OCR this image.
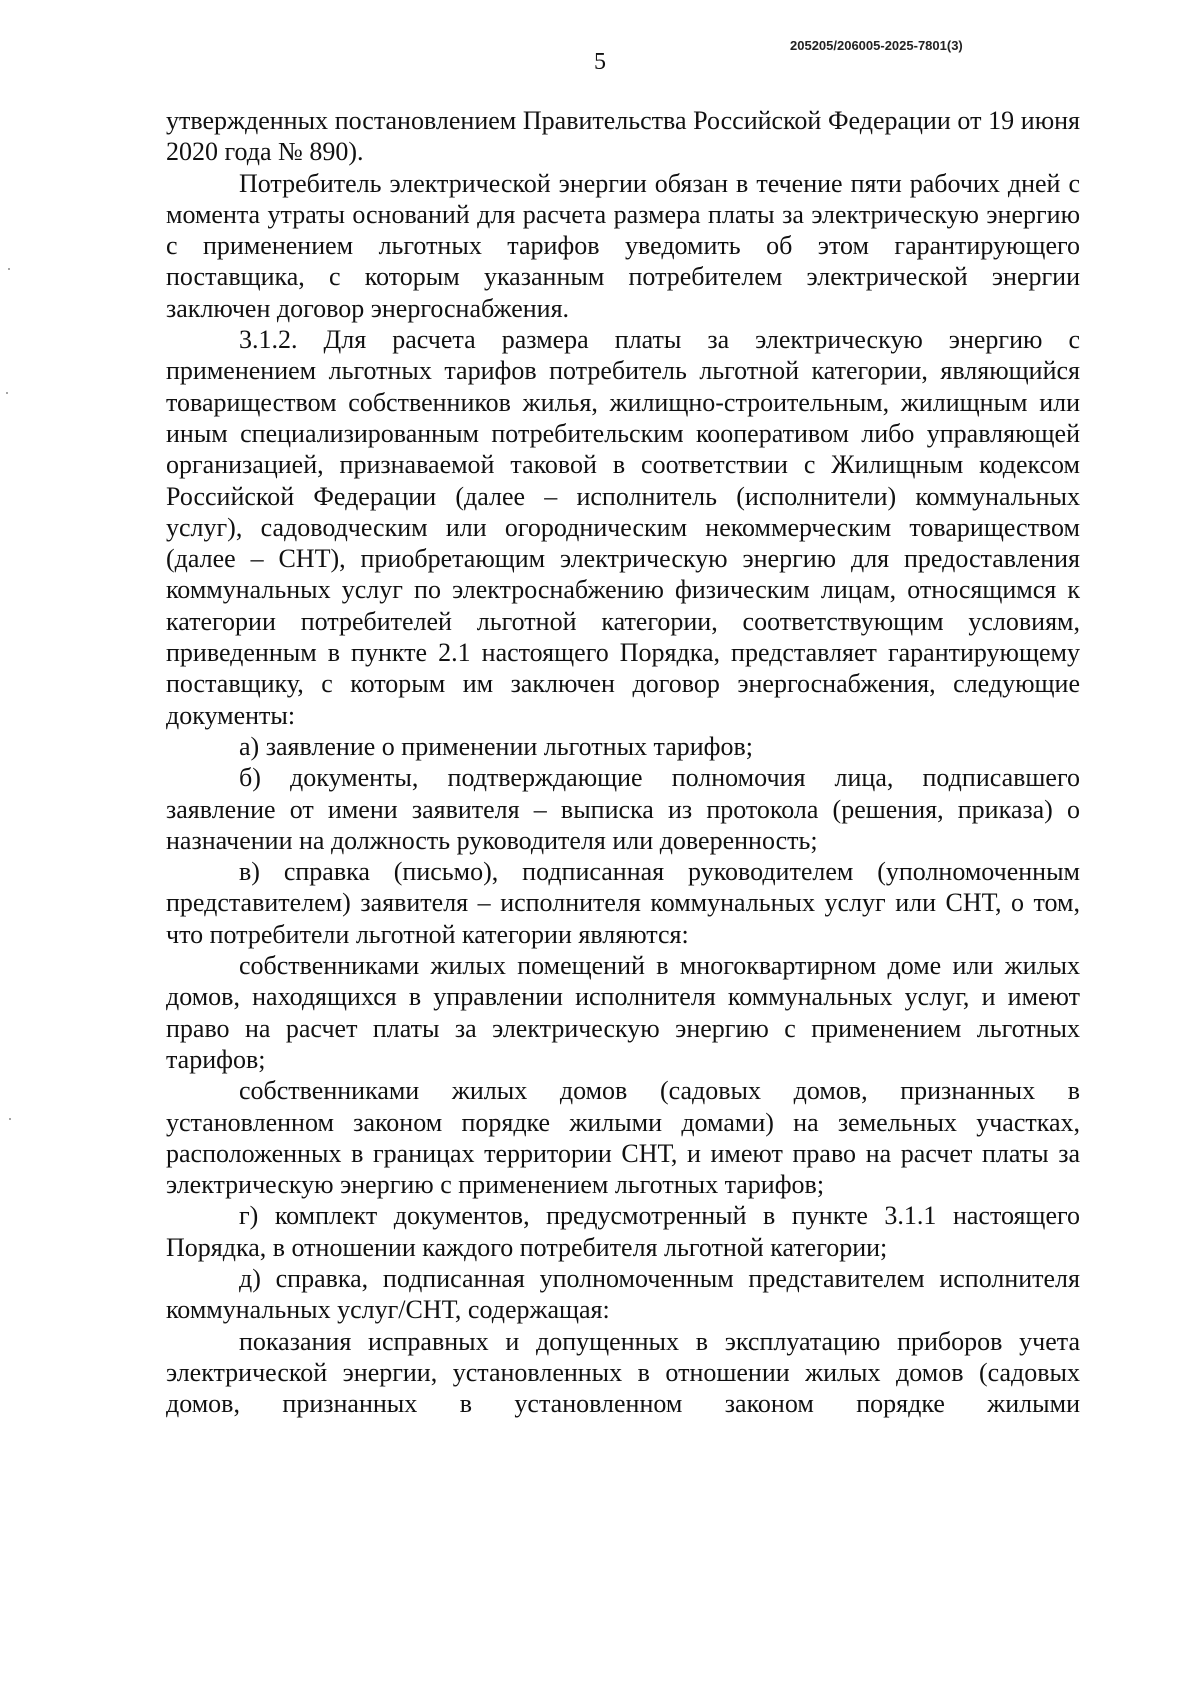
5
205205/206005-2025-7801(3)

утвержденных постановлением Правительства Российской Федерации от 19 июня 2020 года № 890).

Потребитель электрической энергии обязан в течение пяти рабочих дней с момента утраты оснований для расчета размера платы за электрическую энергию с применением льготных тарифов уведомить об этом гарантирующего поставщика, с которым указанным потребителем электрической энергии заключен договор энергоснабжения.

3.1.2. Для расчета размера платы за электрическую энергию с применением льготных тарифов потребитель льготной категории, являющийся товариществом собственников жилья, жилищно-строительным, жилищным или иным специализированным потребительским кооперативом либо управляющей организацией, признаваемой таковой в соответствии с Жилищным кодексом Российской Федерации (далее – исполнитель (исполнители) коммунальных услуг), садоводческим или огородническим некоммерческим товариществом (далее – СНТ), приобретающим электрическую энергию для предоставления коммунальных услуг по электроснабжению физическим лицам, относящимся к категории потребителей льготной категории, соответствующим условиям, приведенным в пункте 2.1 настоящего Порядка, представляет гарантирующему поставщику, с которым им заключен договор энергоснабжения, следующие документы:

а) заявление о применении льготных тарифов;

б) документы, подтверждающие полномочия лица, подписавшего заявление от имени заявителя – выписка из протокола (решения, приказа) о назначении на должность руководителя или доверенность;

в) справка (письмо), подписанная руководителем (уполномоченным представителем) заявителя – исполнителя коммунальных услуг или СНТ, о том, что потребители льготной категории являются:

собственниками жилых помещений в многоквартирном доме или жилых домов, находящихся в управлении исполнителя коммунальных услуг, и имеют право на расчет платы за электрическую энергию с применением льготных тарифов;

собственниками жилых домов (садовых домов, признанных в установленном законом порядке жилыми домами) на земельных участках, расположенных в границах территории СНТ, и имеют право на расчет платы за электрическую энергию с применением льготных тарифов;

г) комплект документов, предусмотренный в пункте 3.1.1 настоящего Порядка, в отношении каждого потребителя льготной категории;

д) справка, подписанная уполномоченным представителем исполнителя коммунальных услуг/СНТ, содержащая:

показания исправных и допущенных в эксплуатацию приборов учета электрической энергии, установленных в отношении жилых домов (садовых домов, признанных в установленном законом порядке жилыми
